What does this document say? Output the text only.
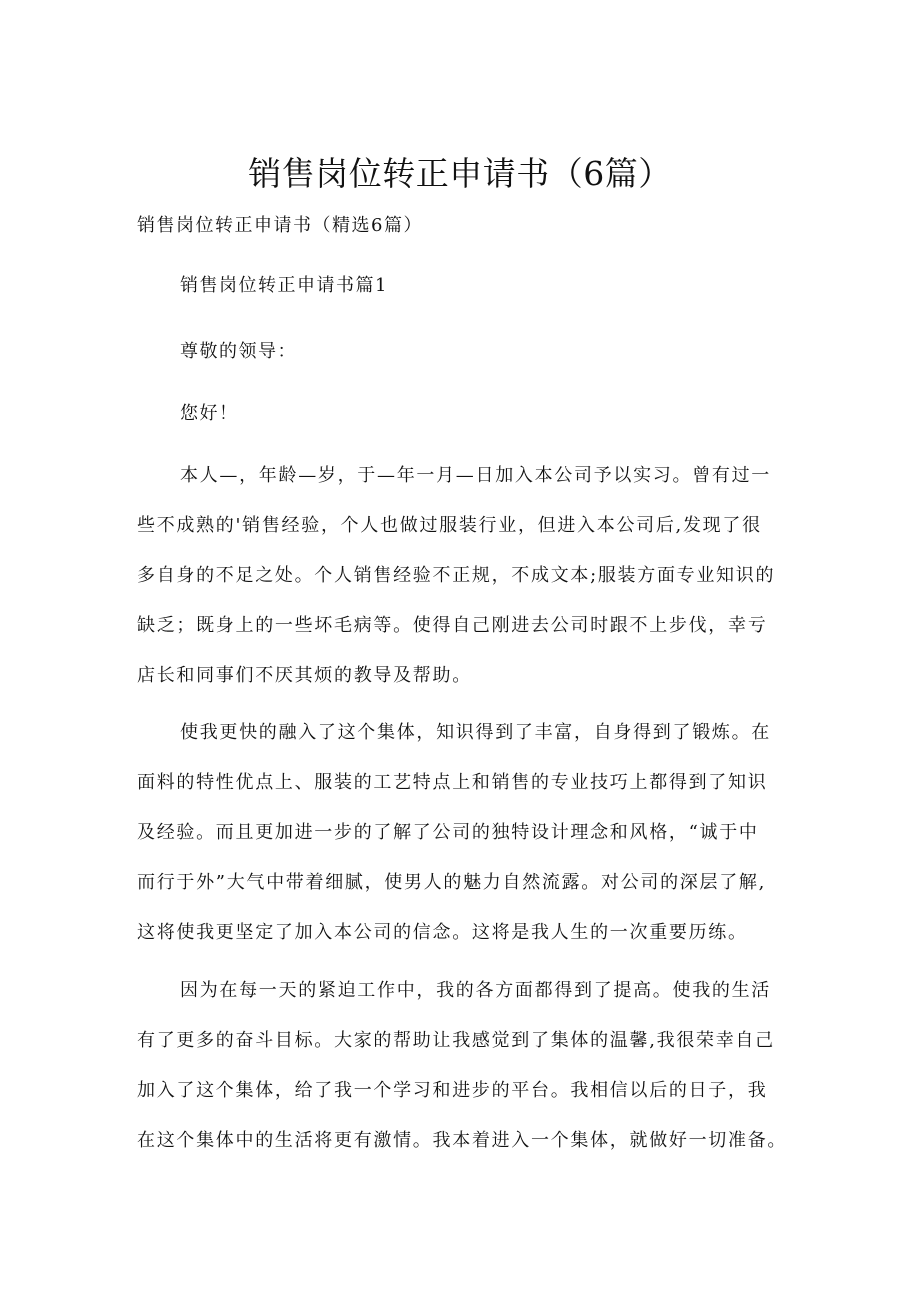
销售岗位转正申请书（6篇）

销售岗位转正申请书（精选6篇）

销售岗位转正申请书篇1

尊敬的领导：

您好！

本人—，年龄—岁，于—年一月—日加入本公司予以实习。曾有过一
些不成熟的'销售经验，个人也做过服装行业，但进入本公司后,发现了很
多自身的不足之处。个人销售经验不正规，不成文本;服装方面专业知识的
缺乏；既身上的一些坏毛病等。使得自己刚进去公司时跟不上步伐，幸亏
店长和同事们不厌其烦的教导及帮助。
使我更快的融入了这个集体，知识得到了丰富，自身得到了锻炼。在
面料的特性优点上、服装的工艺特点上和销售的专业技巧上都得到了知识
及经验。而且更加进一步的了解了公司的独特设计理念和风格，“诚于中
而行于外”大气中带着细腻，使男人的魅力自然流露。对公司的深层了解,
这将使我更坚定了加入本公司的信念。这将是我人生的一次重要历练。
因为在每一天的紧迫工作中，我的各方面都得到了提高。使我的生活
有了更多的奋斗目标。大家的帮助让我感觉到了集体的温馨,我很荣幸自己
加入了这个集体，给了我一个学习和进步的平台。我相信以后的日子，我
在这个集体中的生活将更有激情。我本着进入一个集体，就做好一切准备。
